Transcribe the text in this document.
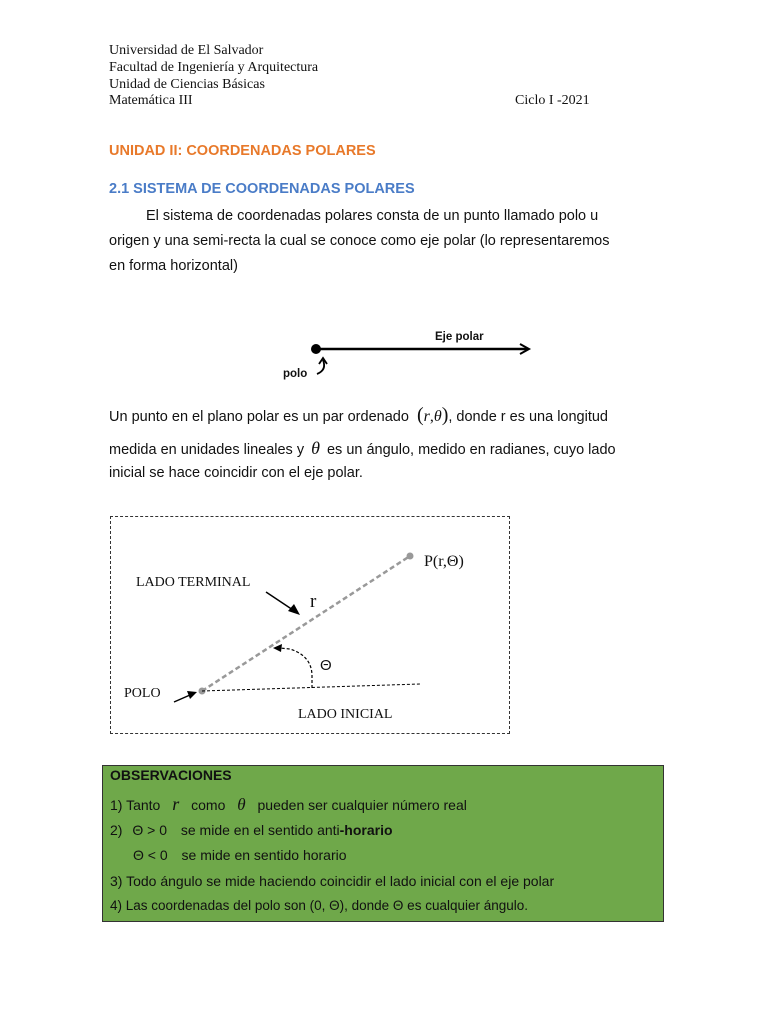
Universidad de El Salvador
Facultad de Ingeniería y Arquitectura
Unidad de Ciencias Básicas
Matemática III	Ciclo I -2021
UNIDAD II: COORDENADAS POLARES
2.1 SISTEMA DE COORDENADAS POLARES
El sistema de coordenadas polares consta de un punto llamado polo u
origen y una semi-recta la cual se conoce como eje polar (lo representaremos
en forma horizontal)
Eje polar
polo
Un punto en el plano polar es un par ordenado (r,θ), donde r es una longitud
medida en unidades lineales y θ es un ángulo, medido en radianes, cuyo lado
inicial se hace coincidir con el eje polar.
LADO TERMINAL
r
P(r,Θ)
Θ
POLO
LADO INICIAL
OBSERVACIONES
1) Tanto r como θ pueden ser cualquier número real
2) Θ > 0 se mide en el sentido anti-horario
Θ < 0 se mide en sentido horario
3) Todo ángulo se mide haciendo coincidir el lado inicial con el eje polar
4) Las coordenadas del polo son (0, Θ), donde Θ es cualquier ángulo.
